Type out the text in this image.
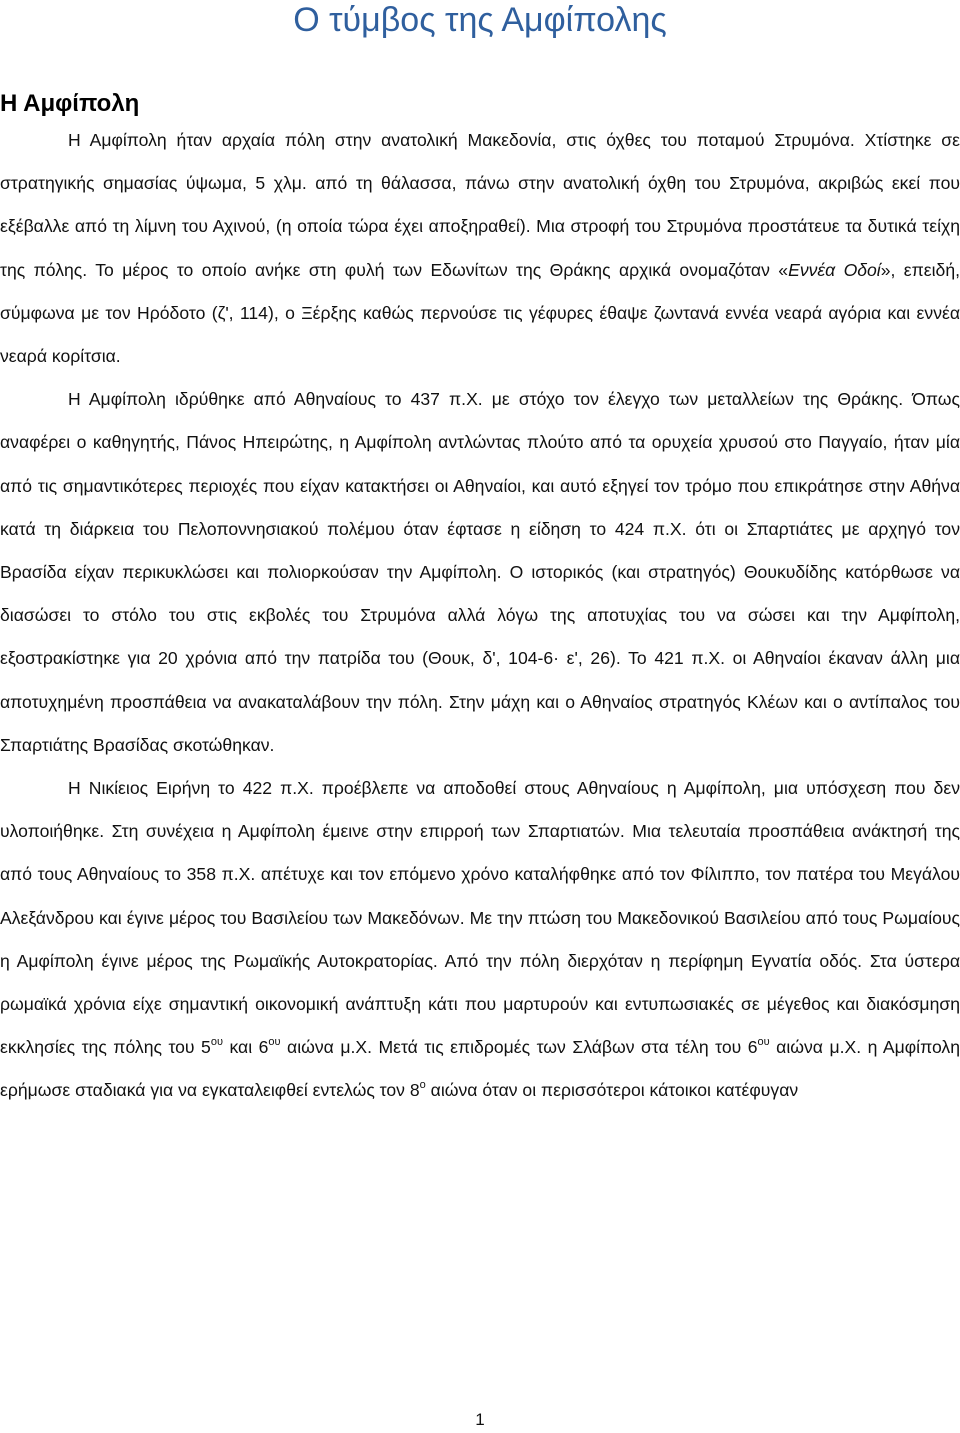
Ο τύμβος της Αμφίπολης
Η Αμφίπολη

Η Αμφίπολη ήταν αρχαία πόλη στην ανατολική Μακεδονία, στις όχθες του ποταμού Στρυμόνα. Χτίστηκε σε στρατηγικής σημασίας ύψωμα, 5 χλμ. από τη θάλασσα, πάνω στην ανατολική όχθη του Στρυμόνα, ακριβώς εκεί που εξέβαλλε από τη λίμνη του Αχινού, (η οποία τώρα έχει αποξηραθεί). Μια στροφή του Στρυμόνα προστάτευε τα δυτικά τείχη της πόλης. Το μέρος το οποίο ανήκε στη φυλή των Εδωνίτων της Θράκης αρχικά ονομαζόταν «Εννέα Οδοί», επειδή, σύμφωνα με τον Ηρόδοτο (ζ', 114), ο Ξέρξης καθώς περνούσε τις γέφυρες έθαψε ζωντανά εννέα νεαρά αγόρια και εννέα νεαρά κορίτσια.

Η Αμφίπολη ιδρύθηκε από Αθηναίους το 437 π.Χ. με στόχο τον έλεγχο των μεταλλείων της Θράκης. Όπως αναφέρει ο καθηγητής, Πάνος Ηπειρώτης, η Αμφίπολη αντλώντας πλούτο από τα ορυχεία χρυσού στο Παγγαίο, ήταν μία από τις σημαντικότερες περιοχές που είχαν κατακτήσει οι Αθηναίοι, και αυτό εξηγεί τον τρόμο που επικράτησε στην Αθήνα κατά τη διάρκεια του Πελοποννησιακού πολέμου όταν έφτασε η είδηση το 424 π.Χ. ότι οι Σπαρτιάτες με αρχηγό τον Βρασίδα είχαν περικυκλώσει και πολιορκούσαν την Αμφίπολη. Ο ιστορικός (και στρατηγός) Θουκυδίδης κατόρθωσε να διασώσει το στόλο του στις εκβολές του Στρυμόνα αλλά λόγω της αποτυχίας του να σώσει και την Αμφίπολη, εξοστρακίστηκε για 20 χρόνια από την πατρίδα του (Θουκ, δ', 104-6· ε', 26). Το 421 π.Χ. οι Αθηναίοι έκαναν άλλη μια αποτυχημένη προσπάθεια να ανακαταλάβουν την πόλη. Στην μάχη και ο Αθηναίος στρατηγός Κλέων και ο αντίπαλος του Σπαρτιάτης Βρασίδας σκοτώθηκαν.

Η Νικίειος Ειρήνη το 422 π.Χ. προέβλεπε να αποδοθεί στους Αθηναίους η Αμφίπολη, μια υπόσχεση που δεν υλοποιήθηκε. Στη συνέχεια η Αμφίπολη έμεινε στην επιρροή των Σπαρτιατών. Μια τελευταία προσπάθεια ανάκτησή της από τους Αθηναίους το 358 π.Χ. απέτυχε και τον επόμενο χρόνο καταλήφθηκε από τον Φίλιππο, τον πατέρα του Μεγάλου Αλεξάνδρου και έγινε μέρος του Βασιλείου των Μακεδόνων. Με την πτώση του Μακεδονικού Βασιλείου από τους Ρωμαίους η Αμφίπολη έγινε μέρος της Ρωμαϊκής Αυτοκρατορίας. Από την πόλη διερχόταν η περίφημη Εγνατία οδός. Στα ύστερα ρωμαϊκά χρόνια είχε σημαντική οικονομική ανάπτυξη κάτι που μαρτυρούν και εντυπωσιακές σε μέγεθος και διακόσμηση εκκλησίες της πόλης του $5^{o\upsilon}$ και $6^{o\upsilon}$ αιώνα μ.Χ. Μετά τις επιδρομές των Σλάβων στα τέλη του $6^{o\upsilon}$ αιώνα μ.Χ. η Αμφίπολη ερήμωσε σταδιακά για να εγκαταλειφθεί εντελώς τον $8^o$ αιώνα όταν οι περισσότεροι κάτοικοι κατέφυγαν

1
